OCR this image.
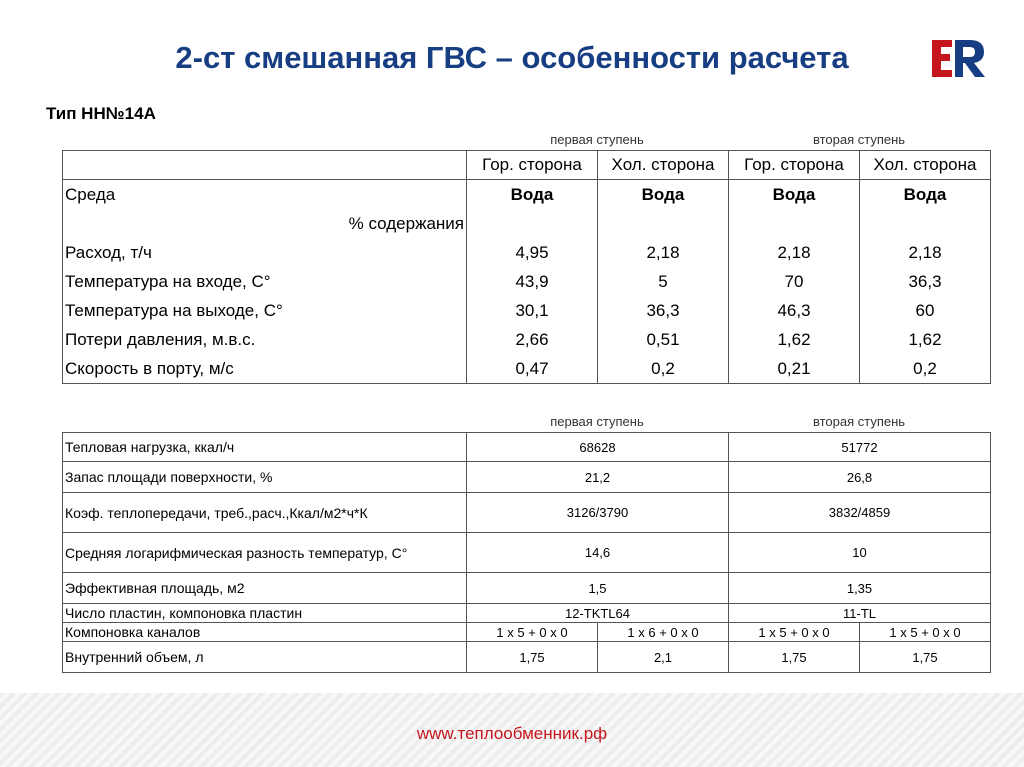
2-ст смешанная ГВС – особенности расчета
Тип НН№14А
первая ступень	вторая ступень
	Гор. сторона	Хол. сторона	Гор. сторона	Хол. сторона
Среда	Вода	Вода	Вода	Вода
% содержания				
Расход, т/ч	4,95	2,18	2,18	2,18
Температура на входе, С°	43,9	5	70	36,3
Температура на выходе, С°	30,1	36,3	46,3	60
Потери давления, м.в.с.	2,66	0,51	1,62	1,62
Скорость в порту, м/с	0,47	0,2	0,21	0,2
первая ступень	вторая ступень
Тепловая нагрузка, ккал/ч	68628		51772	
Запас площади поверхности, %	21,2		26,8	
Коэф. теплопередачи, треб.,расч.,Ккал/м2*ч*К	3126/3790		3832/4859	
Средняя логарифмическая разность температур, С°	14,6		10	
Эффективная площадь, м2	1,5		1,35	
Число пластин, компоновка пластин	12-TKTL64		11-TL	
Компоновка каналов	1 x 5 + 0 x 0	1 x 6 + 0 x 0	1 x 5 + 0 x 0	1 x 5 + 0 x 0
Внутренний объем, л	1,75	2,1	1,75	1,75
www.теплообменник.рф
